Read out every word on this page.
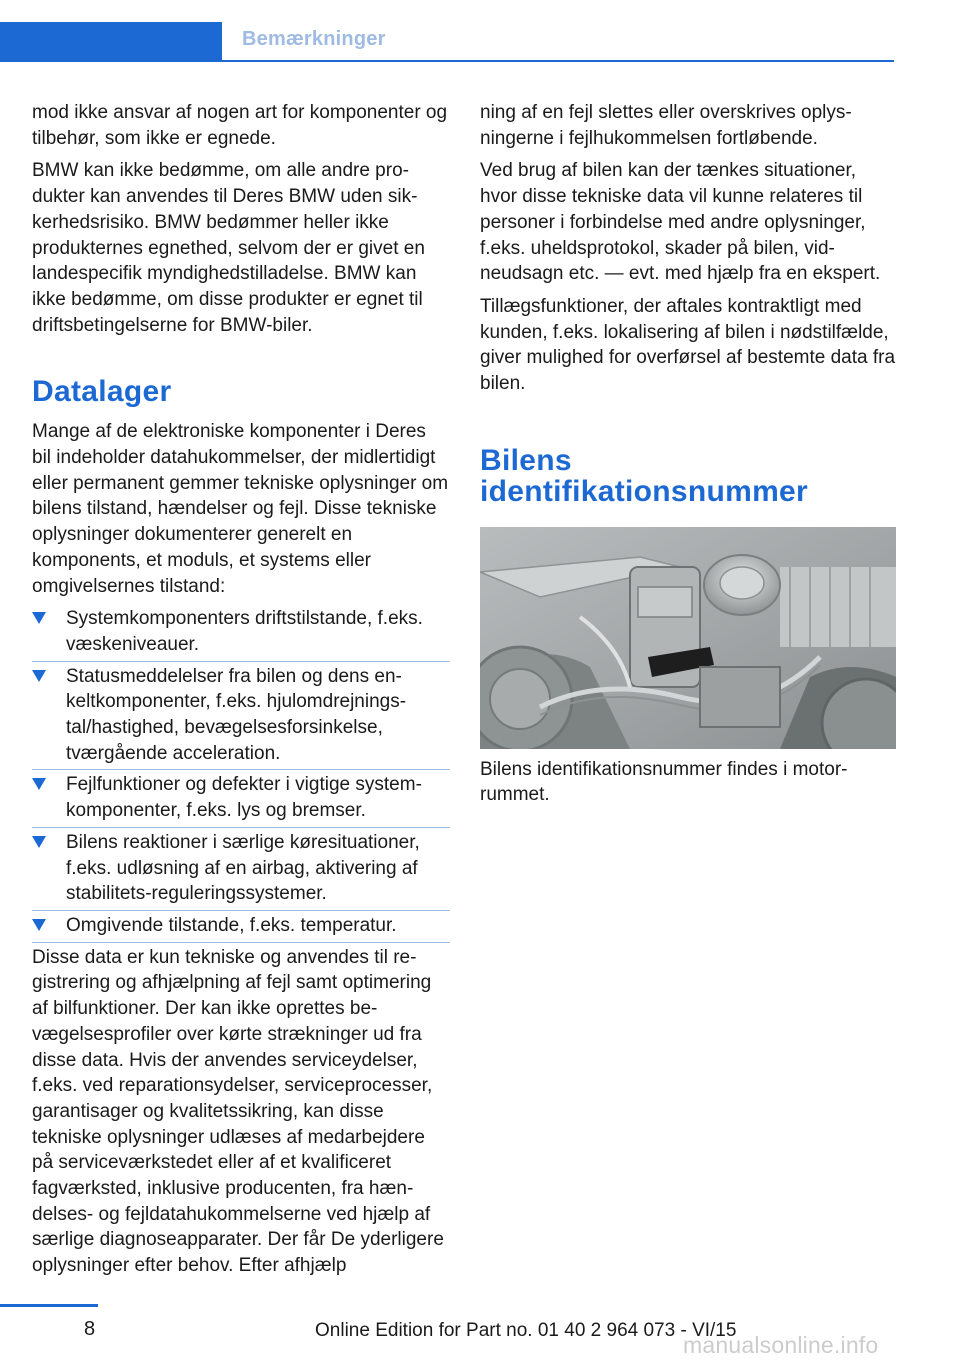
Bemærkninger

mod ikke ansvar af nogen art for komponenter og tilbehør, som ikke er egnede.

BMW kan ikke bedømme, om alle andre produkter kan anvendes til Deres BMW uden sikkerhedsrisiko. BMW bedømmer heller ikke produkternes egnethed, selvom der er givet en landespecifik myndighedstilladelse. BMW kan ikke bedømme, om disse produkter er egnet til driftsbetingelserne for BMW-biler.

Datalager

Mange af de elektroniske komponenter i Deres bil indeholder datahukommelser, der midlertidigt eller permanent gemmer tekniske oplysninger om bilens tilstand, hændelser og fejl. Disse tekniske oplysninger dokumenterer generelt en komponents, et moduls, et systems eller omgivelsernes tilstand:

Systemkomponenters driftstilstande, f.eks. væskeniveauer.
Statusmeddelelser fra bilen og dens enkeltkomponenter, f.eks. hjulomdrejningstal/hastighed, bevægelsesforsinkelse, tværgående acceleration.
Fejlfunktioner og defekter i vigtige systemkomponenter, f.eks. lys og bremser.
Bilens reaktioner i særlige køresituationer, f.eks. udløsning af en airbag, aktivering af stabilitets-reguleringssystemer.
Omgivende tilstande, f.eks. temperatur.

Disse data er kun tekniske og anvendes til registrering og afhjælpning af fejl samt optimering af bilfunktioner. Der kan ikke oprettes bevægelsesprofiler over kørte strækninger ud fra disse data. Hvis der anvendes serviceydelser, f.eks. ved reparationsydelser, serviceprocesser, garantisager og kvalitetssikring, kan disse tekniske oplysninger udlæses af medarbejdere på serviceværkstedet eller af et kvalificeret fagværksted, inklusive producenten, fra hændelses- og fejldatahukommelserne ved hjælp af særlige diagnoseapparater. Der får De yderligere oplysninger efter behov. Efter afhjælp

ning af en fejl slettes eller overskrives oplysningerne i fejlhukommelsen fortløbende.

Ved brug af bilen kan der tænkes situationer, hvor disse tekniske data vil kunne relateres til personer i forbindelse med andre oplysninger, f.eks. uheldsprotokol, skader på bilen, vidneudsagn etc. — evt. med hjælp fra en ekspert.

Tillægsfunktioner, der aftales kontraktligt med kunden, f.eks. lokalisering af bilen i nødstilfælde, giver mulighed for overførsel af bestemte data fra bilen.

Bilens
identifikationsnummer

Bilens identifikationsnummer findes i motorrummet.

8	Online Edition for Part no. 01 40 2 964 073 - VI/15
manualsonline.info
